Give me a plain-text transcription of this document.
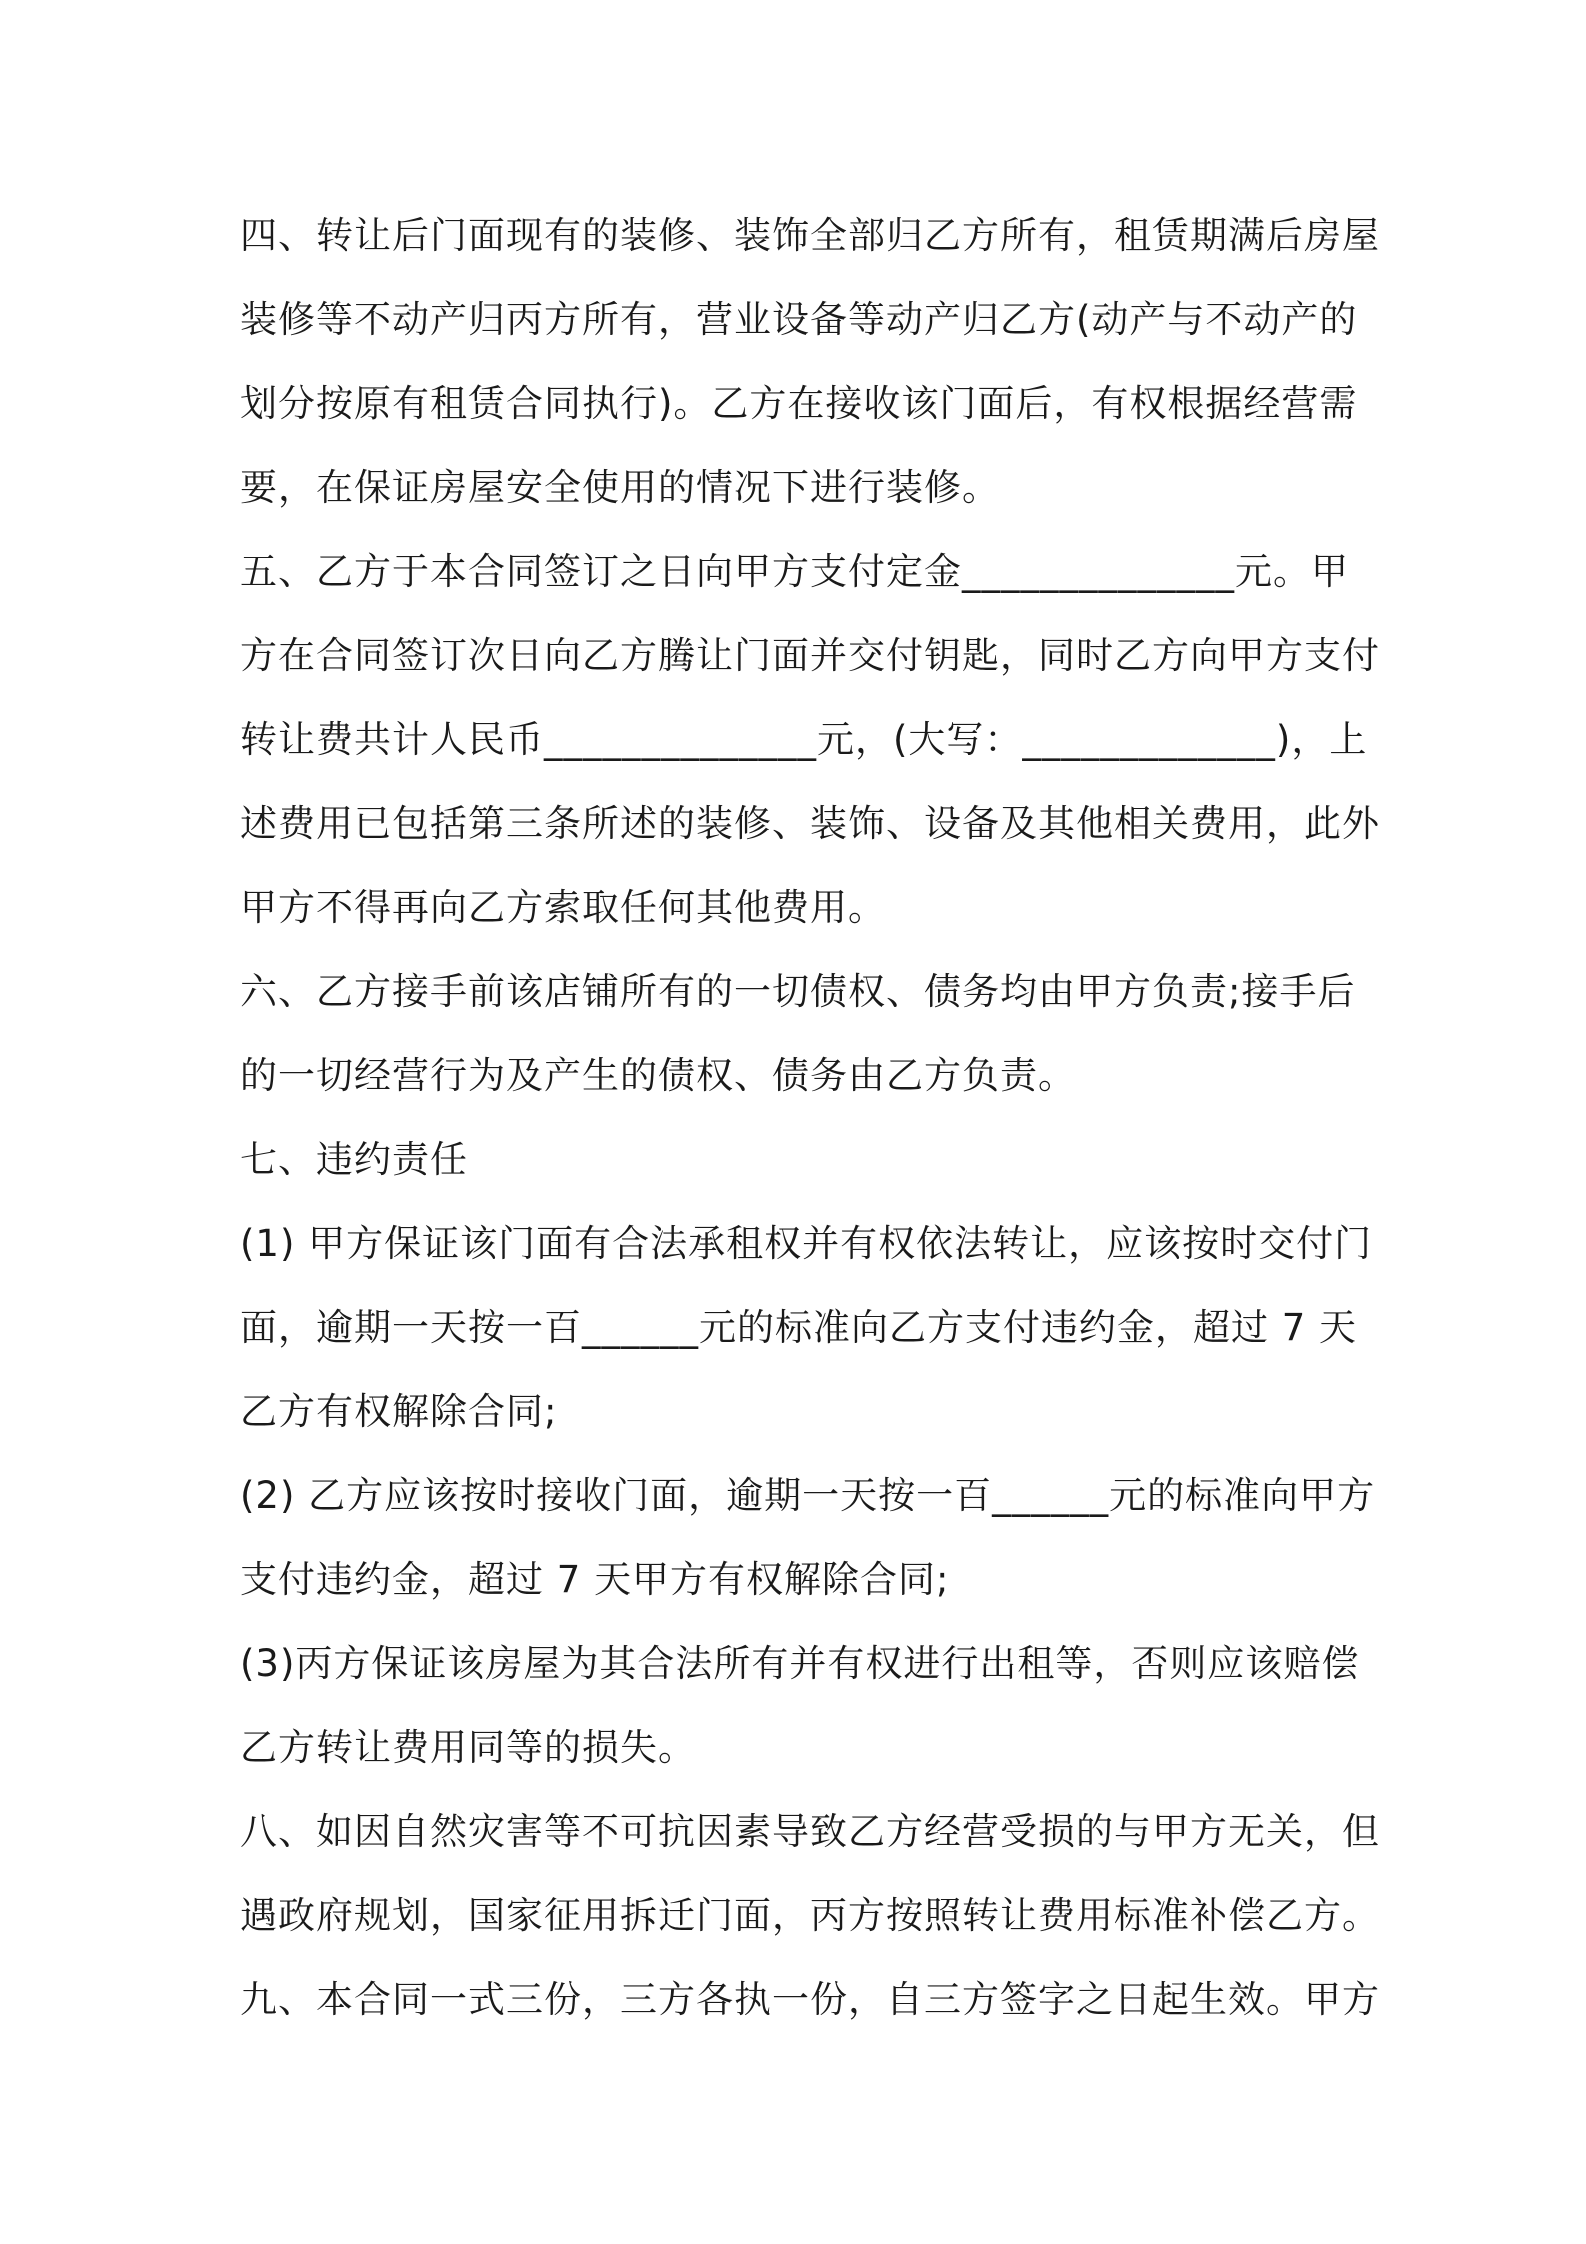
四、转让后门面现有的装修、装饰全部归乙方所有，租赁期满后房屋
装修等不动产归丙方所有，营业设备等动产归乙方(动产与不动产的
划分按原有租赁合同执行)。乙方在接收该门面后，有权根据经营需
要，在保证房屋安全使用的情况下进行装修。
五、乙方于本合同签订之日向甲方支付定金______________元。甲
方在合同签订次日向乙方腾让门面并交付钥匙，同时乙方向甲方支付
转让费共计人民币______________元，(大写：_____________)，上
述费用已包括第三条所述的装修、装饰、设备及其他相关费用，此外
甲方不得再向乙方索取任何其他费用。
六、乙方接手前该店铺所有的一切债权、债务均由甲方负责;接手后
的一切经营行为及产生的债权、债务由乙方负责。
七、违约责任
(1) 甲方保证该门面有合法承租权并有权依法转让，应该按时交付门
面，逾期一天按一百______元的标准向乙方支付违约金，超过 7 天
乙方有权解除合同;
(2) 乙方应该按时接收门面，逾期一天按一百______元的标准向甲方
支付违约金，超过 7 天甲方有权解除合同;
(3)丙方保证该房屋为其合法所有并有权进行出租等，否则应该赔偿
乙方转让费用同等的损失。
八、如因自然灾害等不可抗因素导致乙方经营受损的与甲方无关，但
遇政府规划，国家征用拆迁门面，丙方按照转让费用标准补偿乙方。
九、本合同一式三份，三方各执一份，自三方签字之日起生效。甲方
